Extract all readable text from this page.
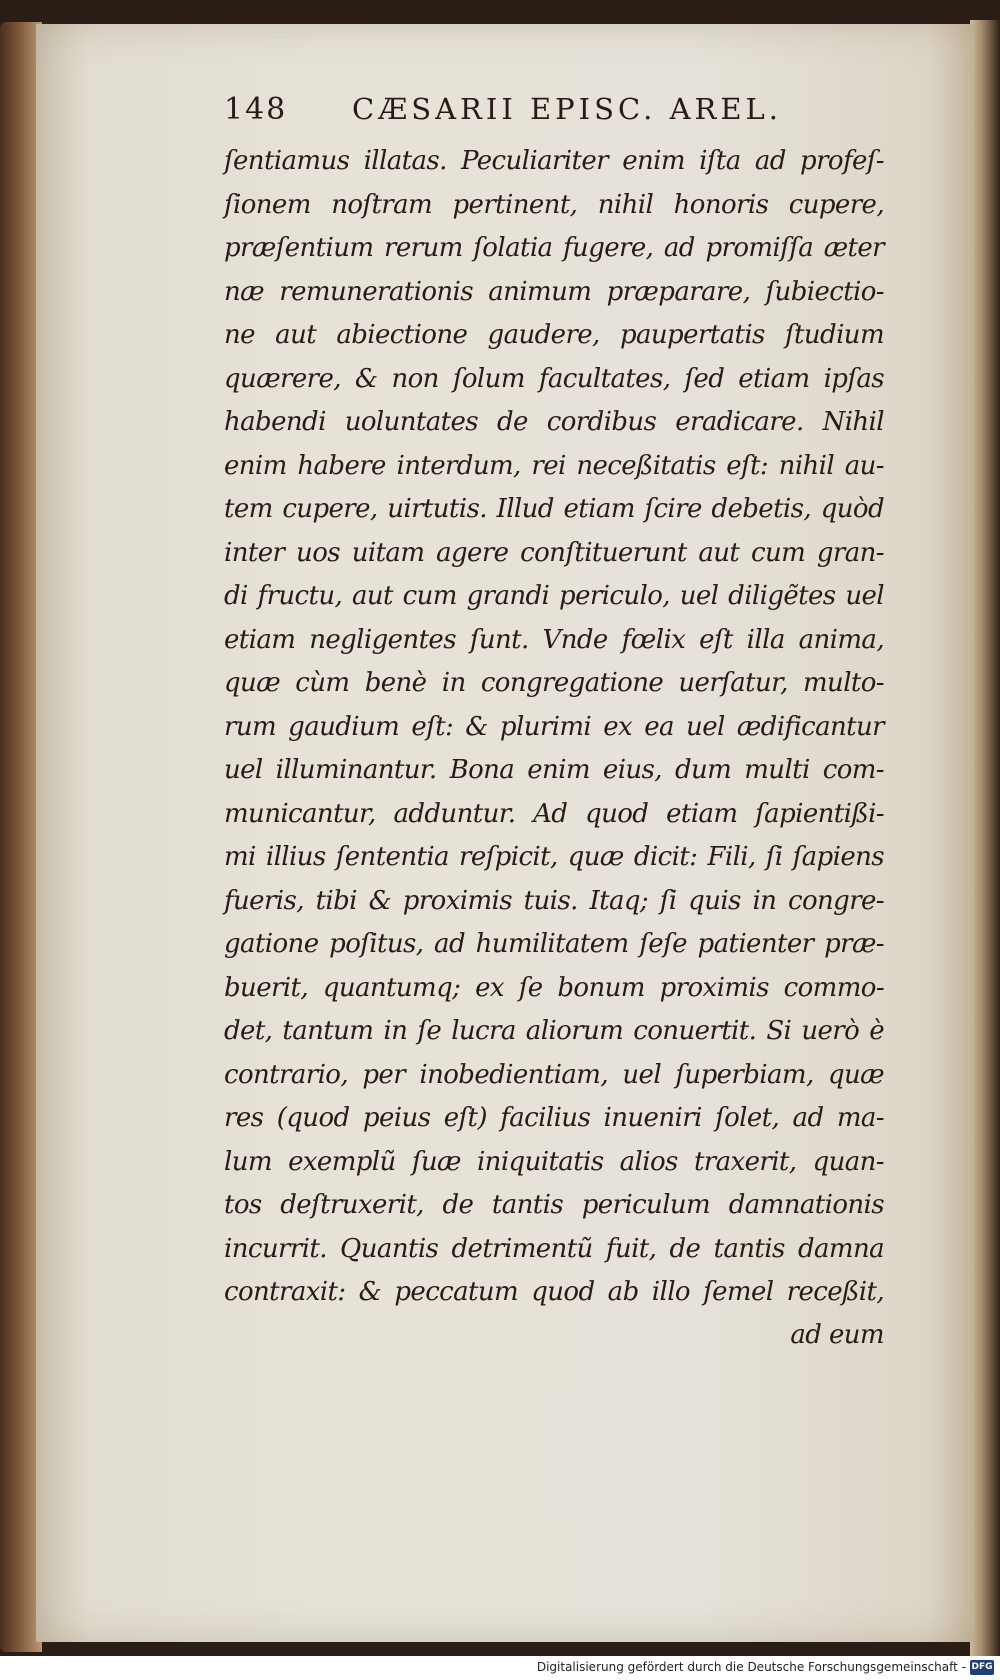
148 CÆSARII EPISC. AREL.
ſentiamus illatas. Peculiariter enim iſta ad profeſ-
ſionem noſtram pertinent, nihil honoris cupere,
præſentium rerum ſolatia fugere, ad promiſſa æter
næ remunerationis animum præparare, ſubiectio-
ne aut abiectione gaudere, paupertatis ſtudium
quærere, & non ſolum facultates, ſed etiam ipſas
habendi uoluntates de cordibus eradicare. Nihil
enim habere interdum, rei neceßitatis eſt: nihil au-
tem cupere, uirtutis. Illud etiam ſcire debetis, quòd
inter uos uitam agere conſtituerunt aut cum gran-
di fructu, aut cum grandi periculo, uel diligẽtes uel
etiam negligentes ſunt. Vnde fœlix eſt illa anima,
quæ cùm benè in congregatione uerſatur, multo-
rum gaudium eſt: & plurimi ex ea uel ædificantur
uel illuminantur. Bona enim eius, dum multi com-
municantur, adduntur. Ad quod etiam ſapientißi-
mi illius ſententia reſpicit, quæ dicit: Fili, ſi ſapiens
fueris, tibi & proximis tuis. Itaq; ſi quis in congre-
gatione poſitus, ad humilitatem ſeſe patienter præ-
buerit, quantumq; ex ſe bonum proximis commo-
det, tantum in ſe lucra aliorum conuertit. Si uerò è
contrario, per inobedientiam, uel ſuperbiam, quæ
res (quod peius eſt) facilius inueniri ſolet, ad ma-
lum exemplũ ſuæ iniquitatis alios traxerit, quan-
tos deſtruxerit, de tantis periculum damnationis
incurrit. Quantis detrimentũ fuit, de tantis damna
contraxit: & peccatum quod ab illo ſemel receßit,
ad eum
Digitalisierung gefördert durch die Deutsche Forschungsgemeinschaft - DFG
